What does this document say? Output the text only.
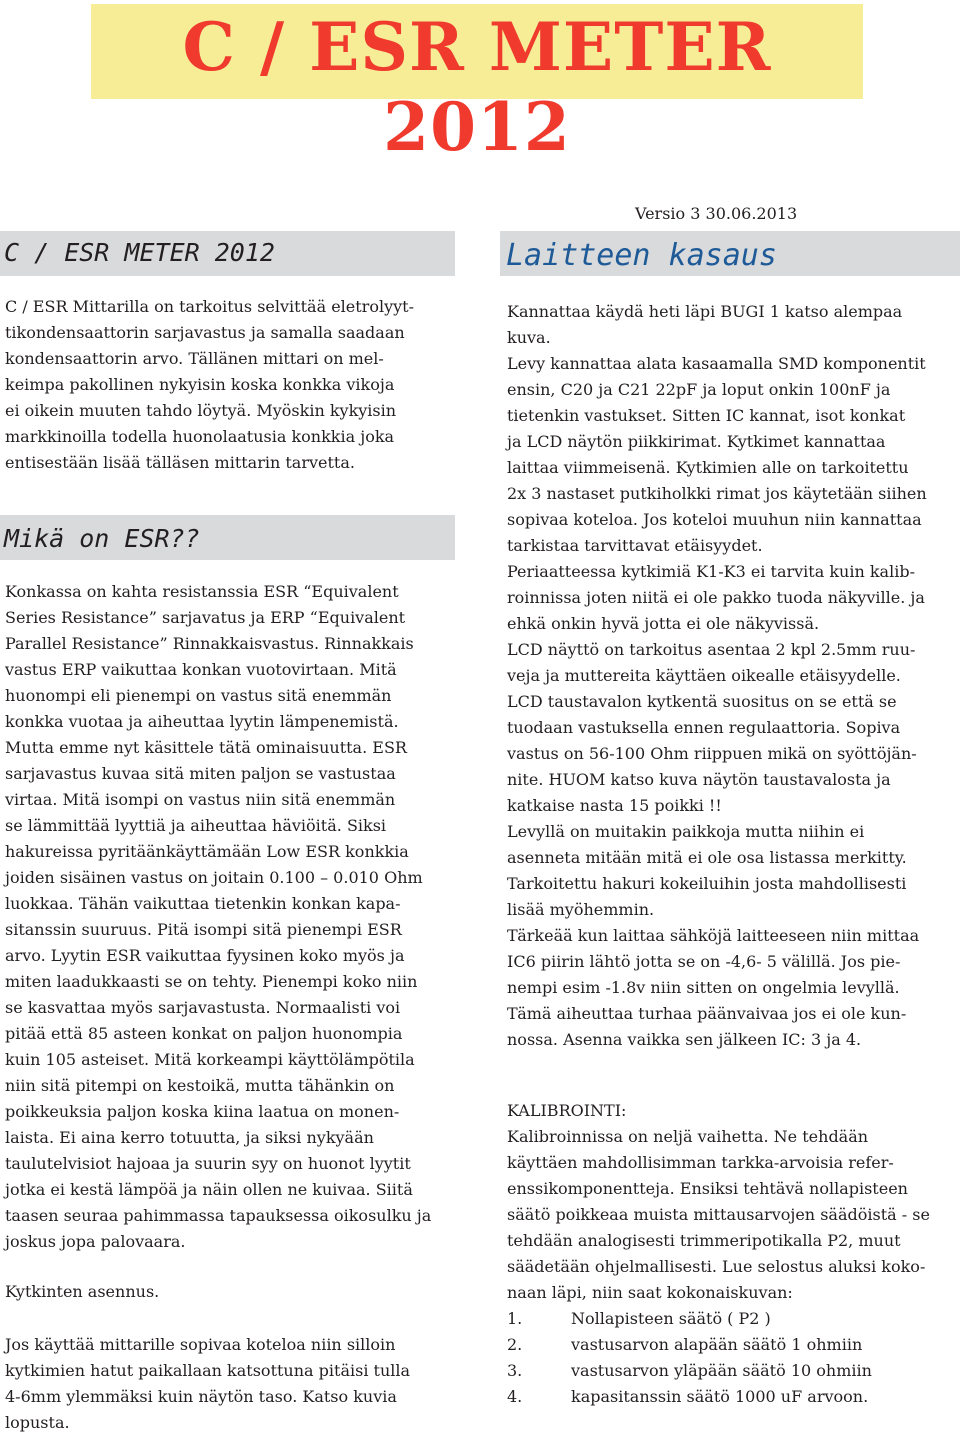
C / ESR METER 2012
Versio 3 30.06.2013
C / ESR METER 2012
C / ESR Mittarilla on tarkoitus selvittää eletrolyyt-
tikondensaattorin sarjavastus ja samalla saadaan
kondensaattorin arvo. Tällänen mittari on mel-
keimpa pakollinen nykyisin koska konkka vikoja
ei oikein muuten tahdo löytyä. Myöskin kykyisin
markkinoilla todella huonolaatusia konkkia joka
entisestään lisää tälläsen mittarin tarvetta.
Mikä on ESR??
Konkassa on kahta resistanssia ESR “Equivalent
Series Resistance” sarjavatus ja ERP “Equivalent
Parallel Resistance” Rinnakkaisvastus. Rinnakkais
vastus ERP vaikuttaa konkan vuotovirtaan. Mitä
huonompi eli pienempi on vastus sitä enemmän
konkka vuotaa ja aiheuttaa lyytin lämpenemistä.
Mutta emme nyt käsittele tätä ominaisuutta. ESR
sarjavastus kuvaa sitä miten paljon se vastustaa
virtaa. Mitä isompi on vastus niin sitä enemmän
se lämmittää lyyttiä ja aiheuttaa häviöitä. Siksi
hakureissa pyritäänkäyttämään Low ESR konkkia
joiden sisäinen vastus on joitain 0.100 – 0.010 Ohm
luokkaa. Tähän vaikuttaa tietenkin konkan kapa-
sitanssin suuruus. Pitä isompi sitä pienempi ESR
arvo. Lyytin ESR vaikuttaa fyysinen koko myös ja
miten laadukkaasti se on tehty. Pienempi koko niin
se kasvattaa myös sarjavastusta. Normaalisti voi
pitää että 85 asteen konkat on paljon huonompia
kuin 105 asteiset. Mitä korkeampi käyttölämpötila
niin sitä pitempi on kestoikä, mutta tähänkin on
poikkeuksia paljon koska kiina laatua on monen-
laista. Ei aina kerro totuutta, ja siksi nykyään
taulutelvisiot hajoaa ja suurin syy on huonot lyytit
jotka ei kestä lämpöä ja näin ollen ne kuivaa. Siitä
taasen seuraa pahimmassa tapauksessa oikosulku ja
joskus jopa palovaara.
Kytkinten asennus.
Jos käyttää mittarille sopivaa koteloa niin silloin
kytkimien hatut paikallaan katsottuna pitäisi tulla
4-6mm ylemmäksi kuin näytön taso. Katso kuvia
lopusta.
Laitteen kasaus
Kannattaa käydä heti läpi BUGI 1 katso alempaa
kuva.
Levy kannattaa alata kasaamalla SMD komponentit
ensin, C20 ja C21 22pF ja loput onkin 100nF ja
tietenkin vastukset. Sitten IC kannat, isot konkat
ja LCD näytön piikkirimat. Kytkimet kannattaa
laittaa viimmeisenä. Kytkimien alle on tarkoitettu
2x 3 nastaset putkiholkki rimat jos käytetään siihen
sopivaa koteloa. Jos koteloi muuhun niin kannattaa
tarkistaa tarvittavat etäisyydet.
Periaatteessa kytkimiä K1-K3 ei tarvita kuin kalib-
roinnissa joten niitä ei ole pakko tuoda näkyville. ja
ehkä onkin hyvä jotta ei ole näkyvissä.
LCD näyttö on tarkoitus asentaa 2 kpl 2.5mm ruu-
veja ja muttereita käyttäen oikealle etäisyydelle.
LCD taustavalon kytkentä suositus on se että se
tuodaan vastuksella ennen regulaattoria. Sopiva
vastus on 56-100 Ohm riippuen mikä on syöttöjän-
nite. HUOM katso kuva näytön taustavalosta ja
katkaise nasta 15 poikki !!
Levyllä on muitakin paikkoja mutta niihin ei
asenneta mitään mitä ei ole osa listassa merkitty.
Tarkoitettu hakuri kokeiluihin josta mahdollisesti
lisää myöhemmin.
Tärkeää kun laittaa sähköjä laitteeseen niin mittaa
IC6 piirin lähtö jotta se on -4,6- 5 välillä. Jos pie-
nempi esim -1.8v niin sitten on ongelmia levyllä.
Tämä aiheuttaa turhaa päänvaivaa jos ei ole kun-
nossa. Asenna vaikka sen jälkeen IC: 3 ja 4.
KALIBROINTI:
Kalibroinnissa on neljä vaihetta. Ne tehdään
käyttäen mahdollisimman tarkka-arvoisia refer-
enssikomponentteja. Ensiksi tehtävä nollapisteen
säätö poikkeaa muista mittausarvojen säädöistä - se
tehdään analogisesti trimmeripotikalla P2, muut
säädetään ohjelmallisesti. Lue selostus aluksi koko-
naan läpi, niin saat kokonaiskuvan:
1.	Nollapisteen säätö ( P2 )
2.	vastusarvon alapään säätö 1 ohmiin
3.	vastusarvon yläpään säätö 10 ohmiin
4.	kapasitanssin säätö 1000 uF arvoon.
